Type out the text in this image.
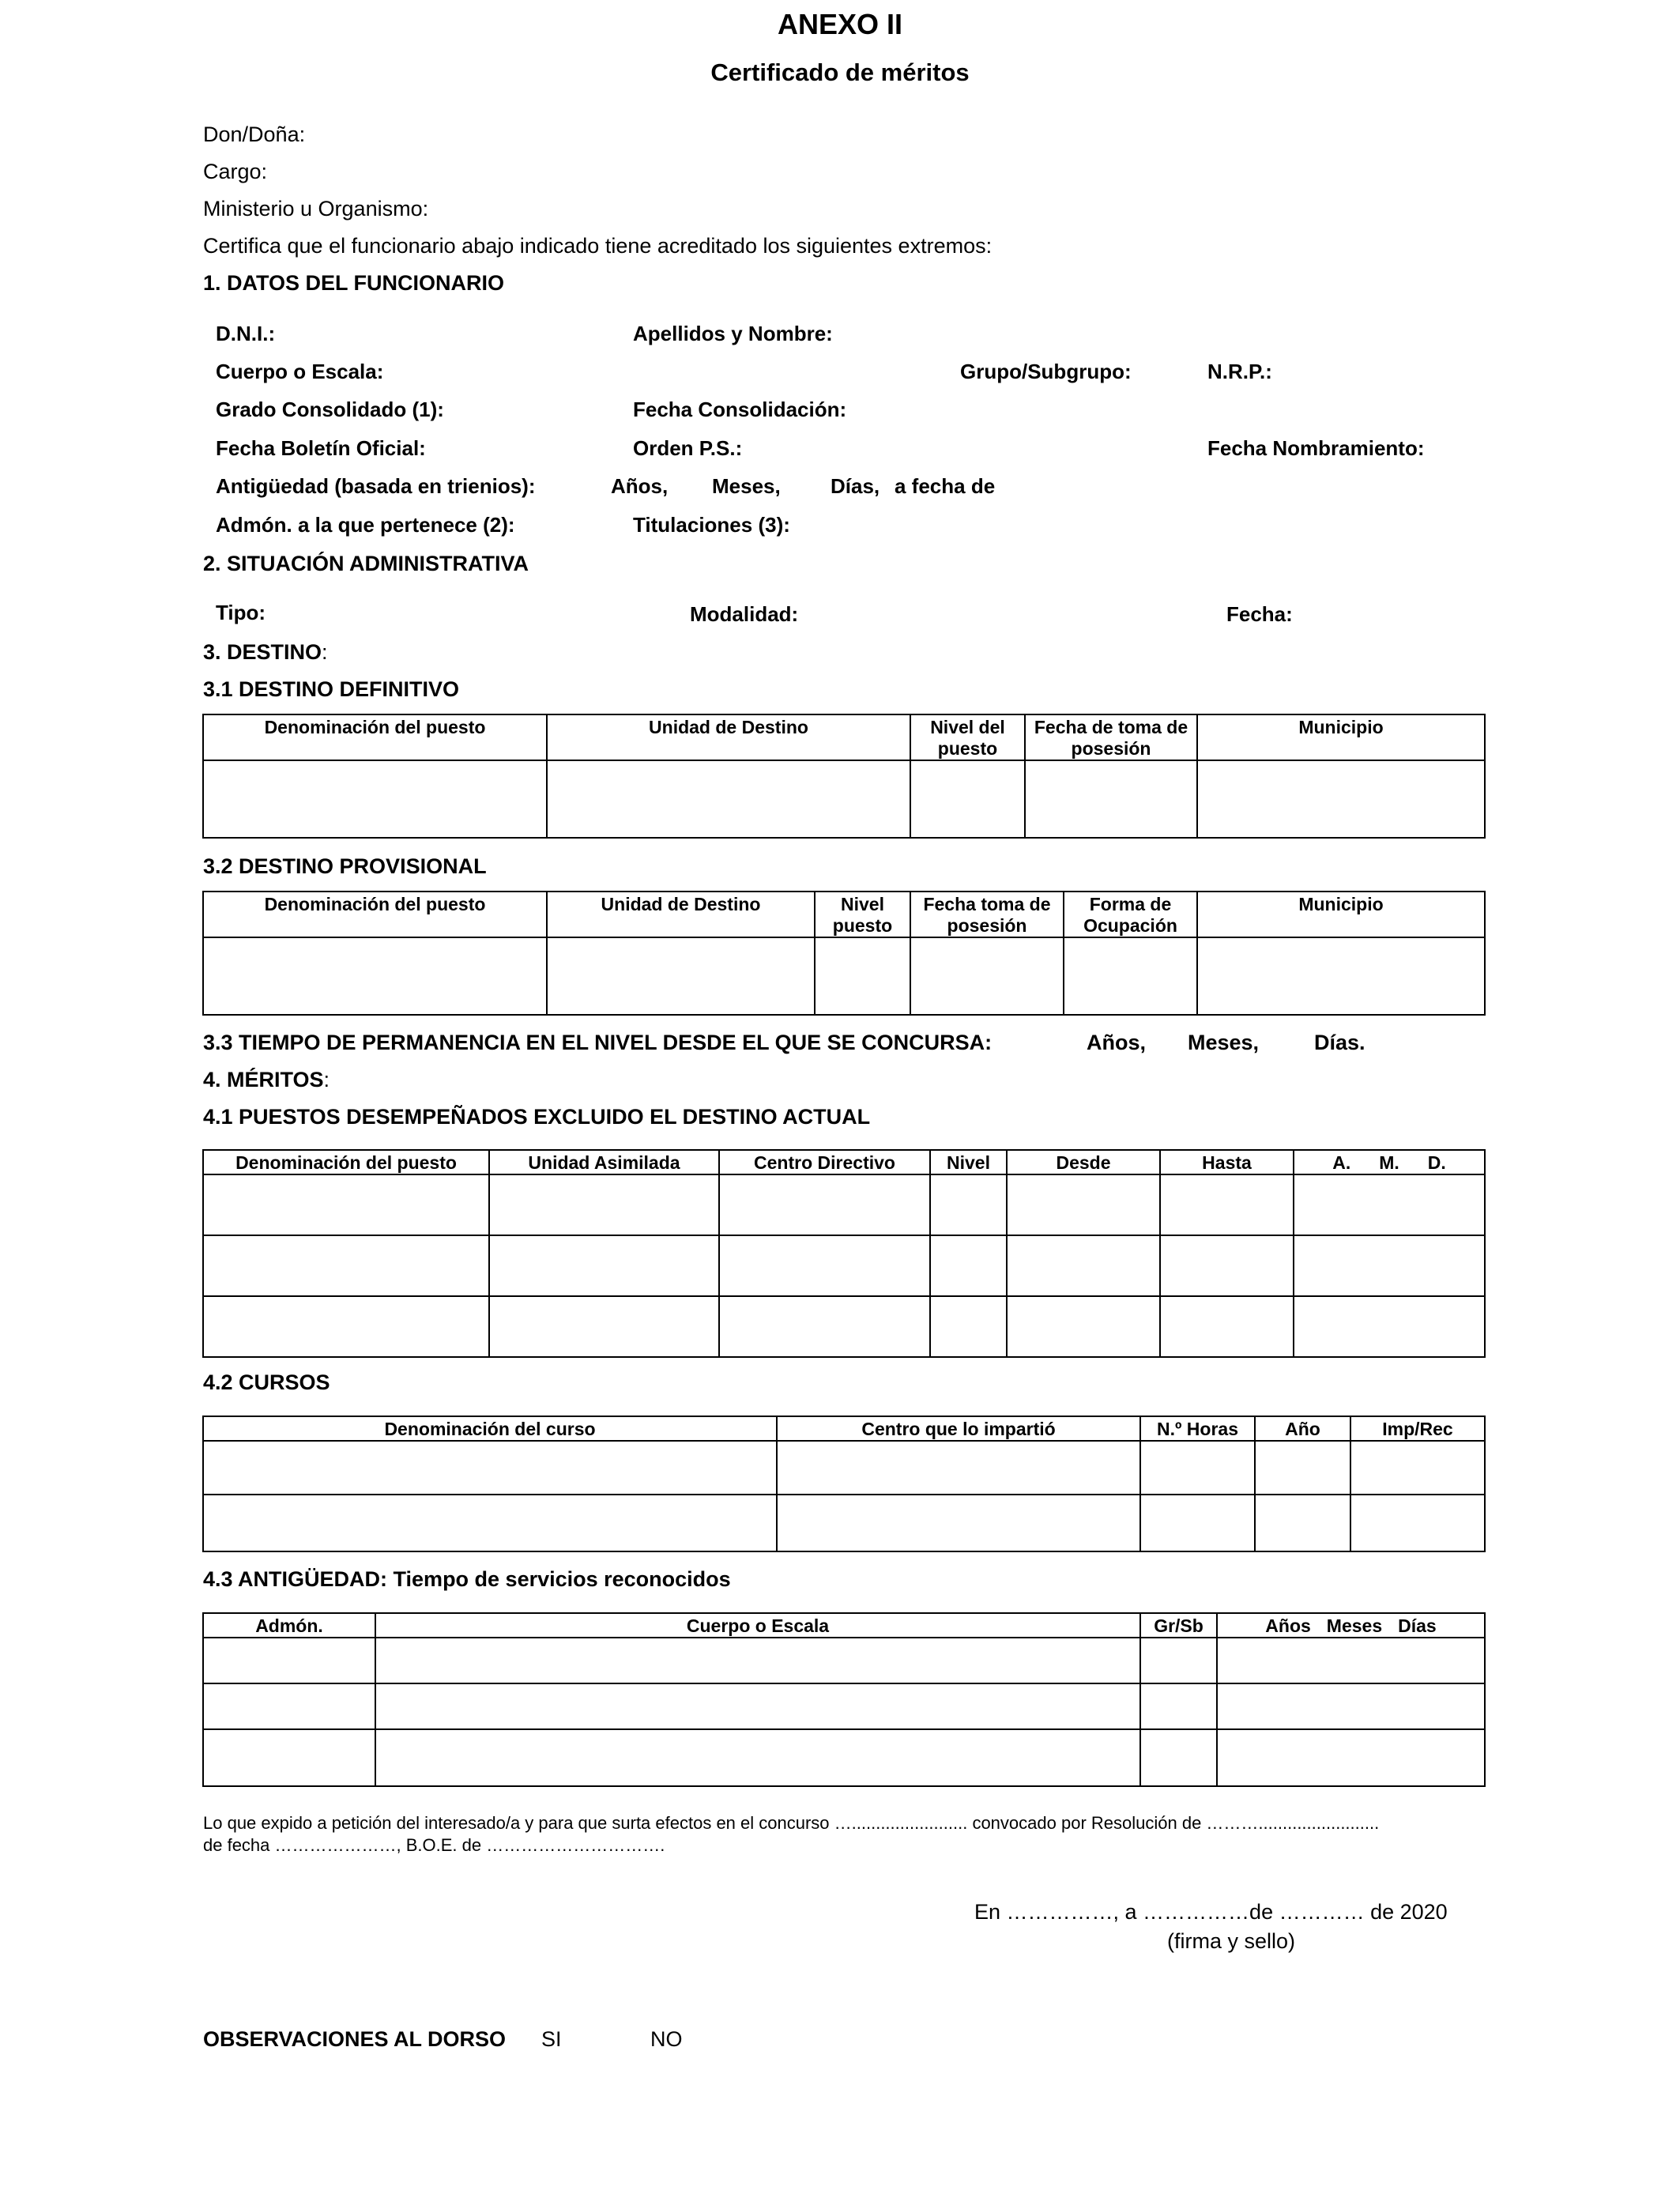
ANEXO II
Certificado de méritos
Don/Doña:
Cargo:
Ministerio u Organismo:
Certifica que el funcionario abajo indicado tiene acreditado los siguientes extremos:
1. DATOS DEL FUNCIONARIO
D.N.I.:	Apellidos y Nombre:
Cuerpo o Escala:	Grupo/Subgrupo:	N.R.P.:
Grado Consolidado (1):	Fecha Consolidación:
Fecha Boletín Oficial:	Orden P.S.:	Fecha Nombramiento:
Antigüedad (basada en trienios):	Años, Meses, Días, a fecha de
Admón. a la que pertenece (2):	Titulaciones (3):
2. SITUACIÓN ADMINISTRATIVA
Tipo:	Modalidad:	Fecha:
3. DESTINO:
3.1 DESTINO DEFINITIVO
Denominación del puesto	Unidad de Destino	Nivel del puesto	Fecha de toma de posesión	Municipio

3.2 DESTINO PROVISIONAL
Denominación del puesto	Unidad de Destino	Nivel puesto	Fecha toma de posesión	Forma de Ocupación	Municipio

3.3 TIEMPO DE PERMANENCIA EN EL NIVEL DESDE EL QUE SE CONCURSA:	Años, Meses,	Días.
4. MÉRITOS:
4.1 PUESTOS DESEMPEÑADOS EXCLUIDO EL DESTINO ACTUAL
Denominación del puesto	Unidad Asimilada	Centro Directivo	Nivel	Desde	Hasta	A. M. D.

4.2 CURSOS
Denominación del curso	Centro que lo impartió	N.º Horas	Año	Imp/Rec

4.3 ANTIGÜEDAD: Tiempo de servicios reconocidos
Admón.	Cuerpo o Escala	Gr/Sb	Años Meses Días

Lo que expido a petición del interesado/a y para que surta efectos en el concurso …........................ convocado por Resolución de ……….........................
de fecha …………………, B.O.E. de ………………………….
En ……………, a ……………de ………… de 2020
(firma y sello)
OBSERVACIONES AL DORSO SI	NO
